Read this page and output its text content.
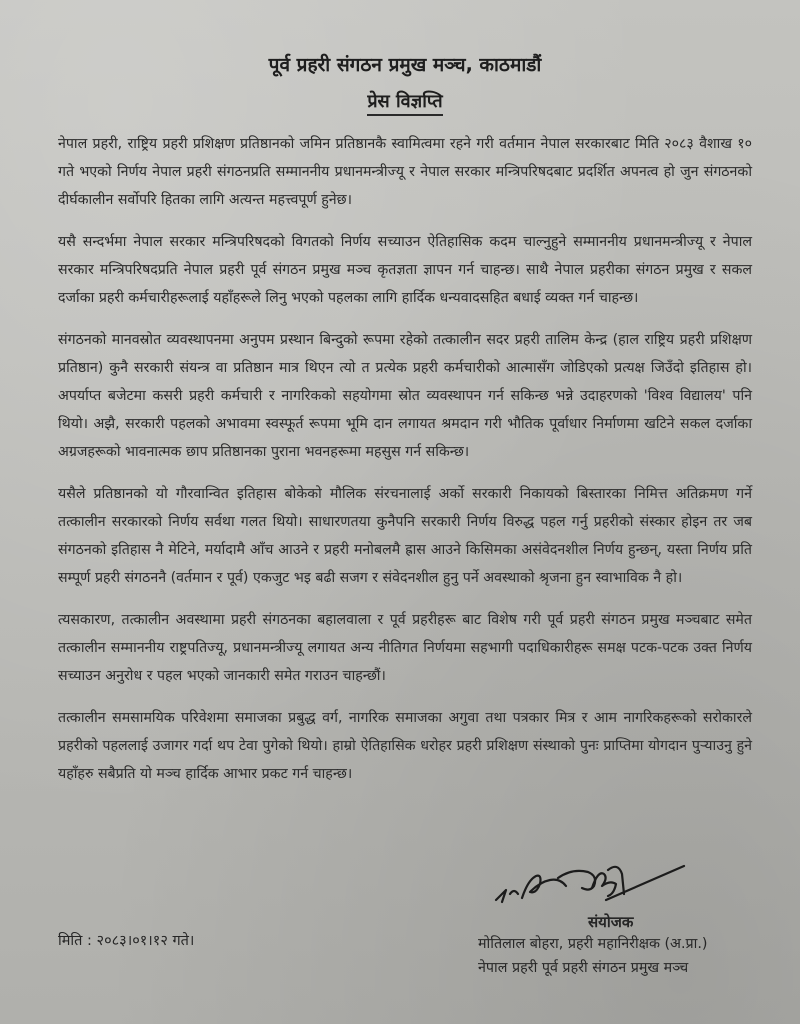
पूर्व प्रहरी संगठन प्रमुख मञ्च, काठमाडौं
प्रेस विज्ञप्ति

नेपाल प्रहरी, राष्ट्रिय प्रहरी प्रशिक्षण प्रतिष्ठानको जमिन प्रतिष्ठानकै स्वामित्वमा रहने गरी वर्तमान नेपाल सरकारबाट मिति २०८३ वैशाख १० गते भएको निर्णय नेपाल प्रहरी संगठनप्रति सम्माननीय प्रधानमन्त्रीज्यू र नेपाल सरकार मन्त्रिपरिषदबाट प्रदर्शित अपनत्व हो जुन संगठनको दीर्घकालीन सर्वोपरि हितका लागि अत्यन्त महत्त्वपूर्ण हुनेछ।

यसै सन्दर्भमा नेपाल सरकार मन्त्रिपरिषदको विगतको निर्णय सच्याउन ऐतिहासिक कदम चाल्नुहुने सम्माननीय प्रधानमन्त्रीज्यू र नेपाल सरकार मन्त्रिपरिषदप्रति नेपाल प्रहरी पूर्व संगठन प्रमुख मञ्च कृतज्ञता ज्ञापन गर्न चाहन्छ। साथै नेपाल प्रहरीका संगठन प्रमुख र सकल दर्जाका प्रहरी कर्मचारीहरूलाई यहाँहरूले लिनु भएको पहलका लागि हार्दिक धन्यवादसहित बधाई व्यक्त गर्न चाहन्छ।

संगठनको मानवस्रोत व्यवस्थापनमा अनुपम प्रस्थान बिन्दुको रूपमा रहेको तत्कालीन सदर प्रहरी तालिम केन्द्र (हाल राष्ट्रिय प्रहरी प्रशिक्षण प्रतिष्ठान) कुनै सरकारी संयन्त्र वा प्रतिष्ठान मात्र थिएन त्यो त प्रत्येक प्रहरी कर्मचारीको आत्मासँग जोडिएको प्रत्यक्ष जिउँदो इतिहास हो। अपर्याप्त बजेटमा कसरी प्रहरी कर्मचारी र नागरिकको सहयोगमा स्रोत व्यवस्थापन गर्न सकिन्छ भन्ने उदाहरणको 'विश्व विद्यालय' पनि थियो। अझै, सरकारी पहलको अभावमा स्वस्फूर्त रूपमा भूमि दान लगायत श्रमदान गरी भौतिक पूर्वाधार निर्माणमा खटिने सकल दर्जाका अग्रजहरूको भावनात्मक छाप प्रतिष्ठानका पुराना भवनहरूमा महसुस गर्न सकिन्छ।

यसैले प्रतिष्ठानको यो गौरवान्वित इतिहास बोकेको मौलिक संरचनालाई अर्को सरकारी निकायको बिस्तारका निमित्त अतिक्रमण गर्ने तत्कालीन सरकारको निर्णय सर्वथा गलत थियो। साधारणतया कुनैपनि सरकारी निर्णय विरुद्ध पहल गर्नु प्रहरीको संस्कार होइन तर जब संगठनको इतिहास नै मेटिने, मर्यादामै आँच आउने र प्रहरी मनोबलमै ह्रास आउने किसिमका असंवेदनशील निर्णय हुन्छन्, यस्ता निर्णय प्रति सम्पूर्ण प्रहरी संगठननै (वर्तमान र पूर्व) एकजुट भइ बढी सजग र संवेदनशील हुनु पर्ने अवस्थाको श्रृजना हुन स्वाभाविक नै हो।

त्यसकारण, तत्कालीन अवस्थामा प्रहरी संगठनका बहालवाला र पूर्व प्रहरीहरू बाट विशेष गरी पूर्व प्रहरी संगठन प्रमुख मञ्चबाट समेत तत्कालीन सम्माननीय राष्ट्रपतिज्यू, प्रधानमन्त्रीज्यू लगायत अन्य नीतिगत निर्णयमा सहभागी पदाधिकारीहरू समक्ष पटक-पटक उक्त निर्णय सच्याउन अनुरोध र पहल भएको जानकारी समेत गराउन चाहन्छौं।

तत्कालीन समसामयिक परिवेशमा समाजका प्रबुद्ध वर्ग, नागरिक समाजका अगुवा तथा पत्रकार मित्र र आम नागरिकहरूको सरोकारले प्रहरीको पहललाई उजागर गर्दा थप टेवा पुगेको थियो। हाम्रो ऐतिहासिक धरोहर प्रहरी प्रशिक्षण संस्थाको पुनः प्राप्तिमा योगदान पुऱ्याउनु हुने यहाँहरु सबैप्रति यो मञ्च हार्दिक आभार प्रकट गर्न चाहन्छ।

मिति : २०८३।०१।१२ गते।

संयोजक

मोतिलाल बोहरा, प्रहरी महानिरीक्षक (अ.प्रा.)

नेपाल प्रहरी पूर्व प्रहरी संगठन प्रमुख मञ्च
